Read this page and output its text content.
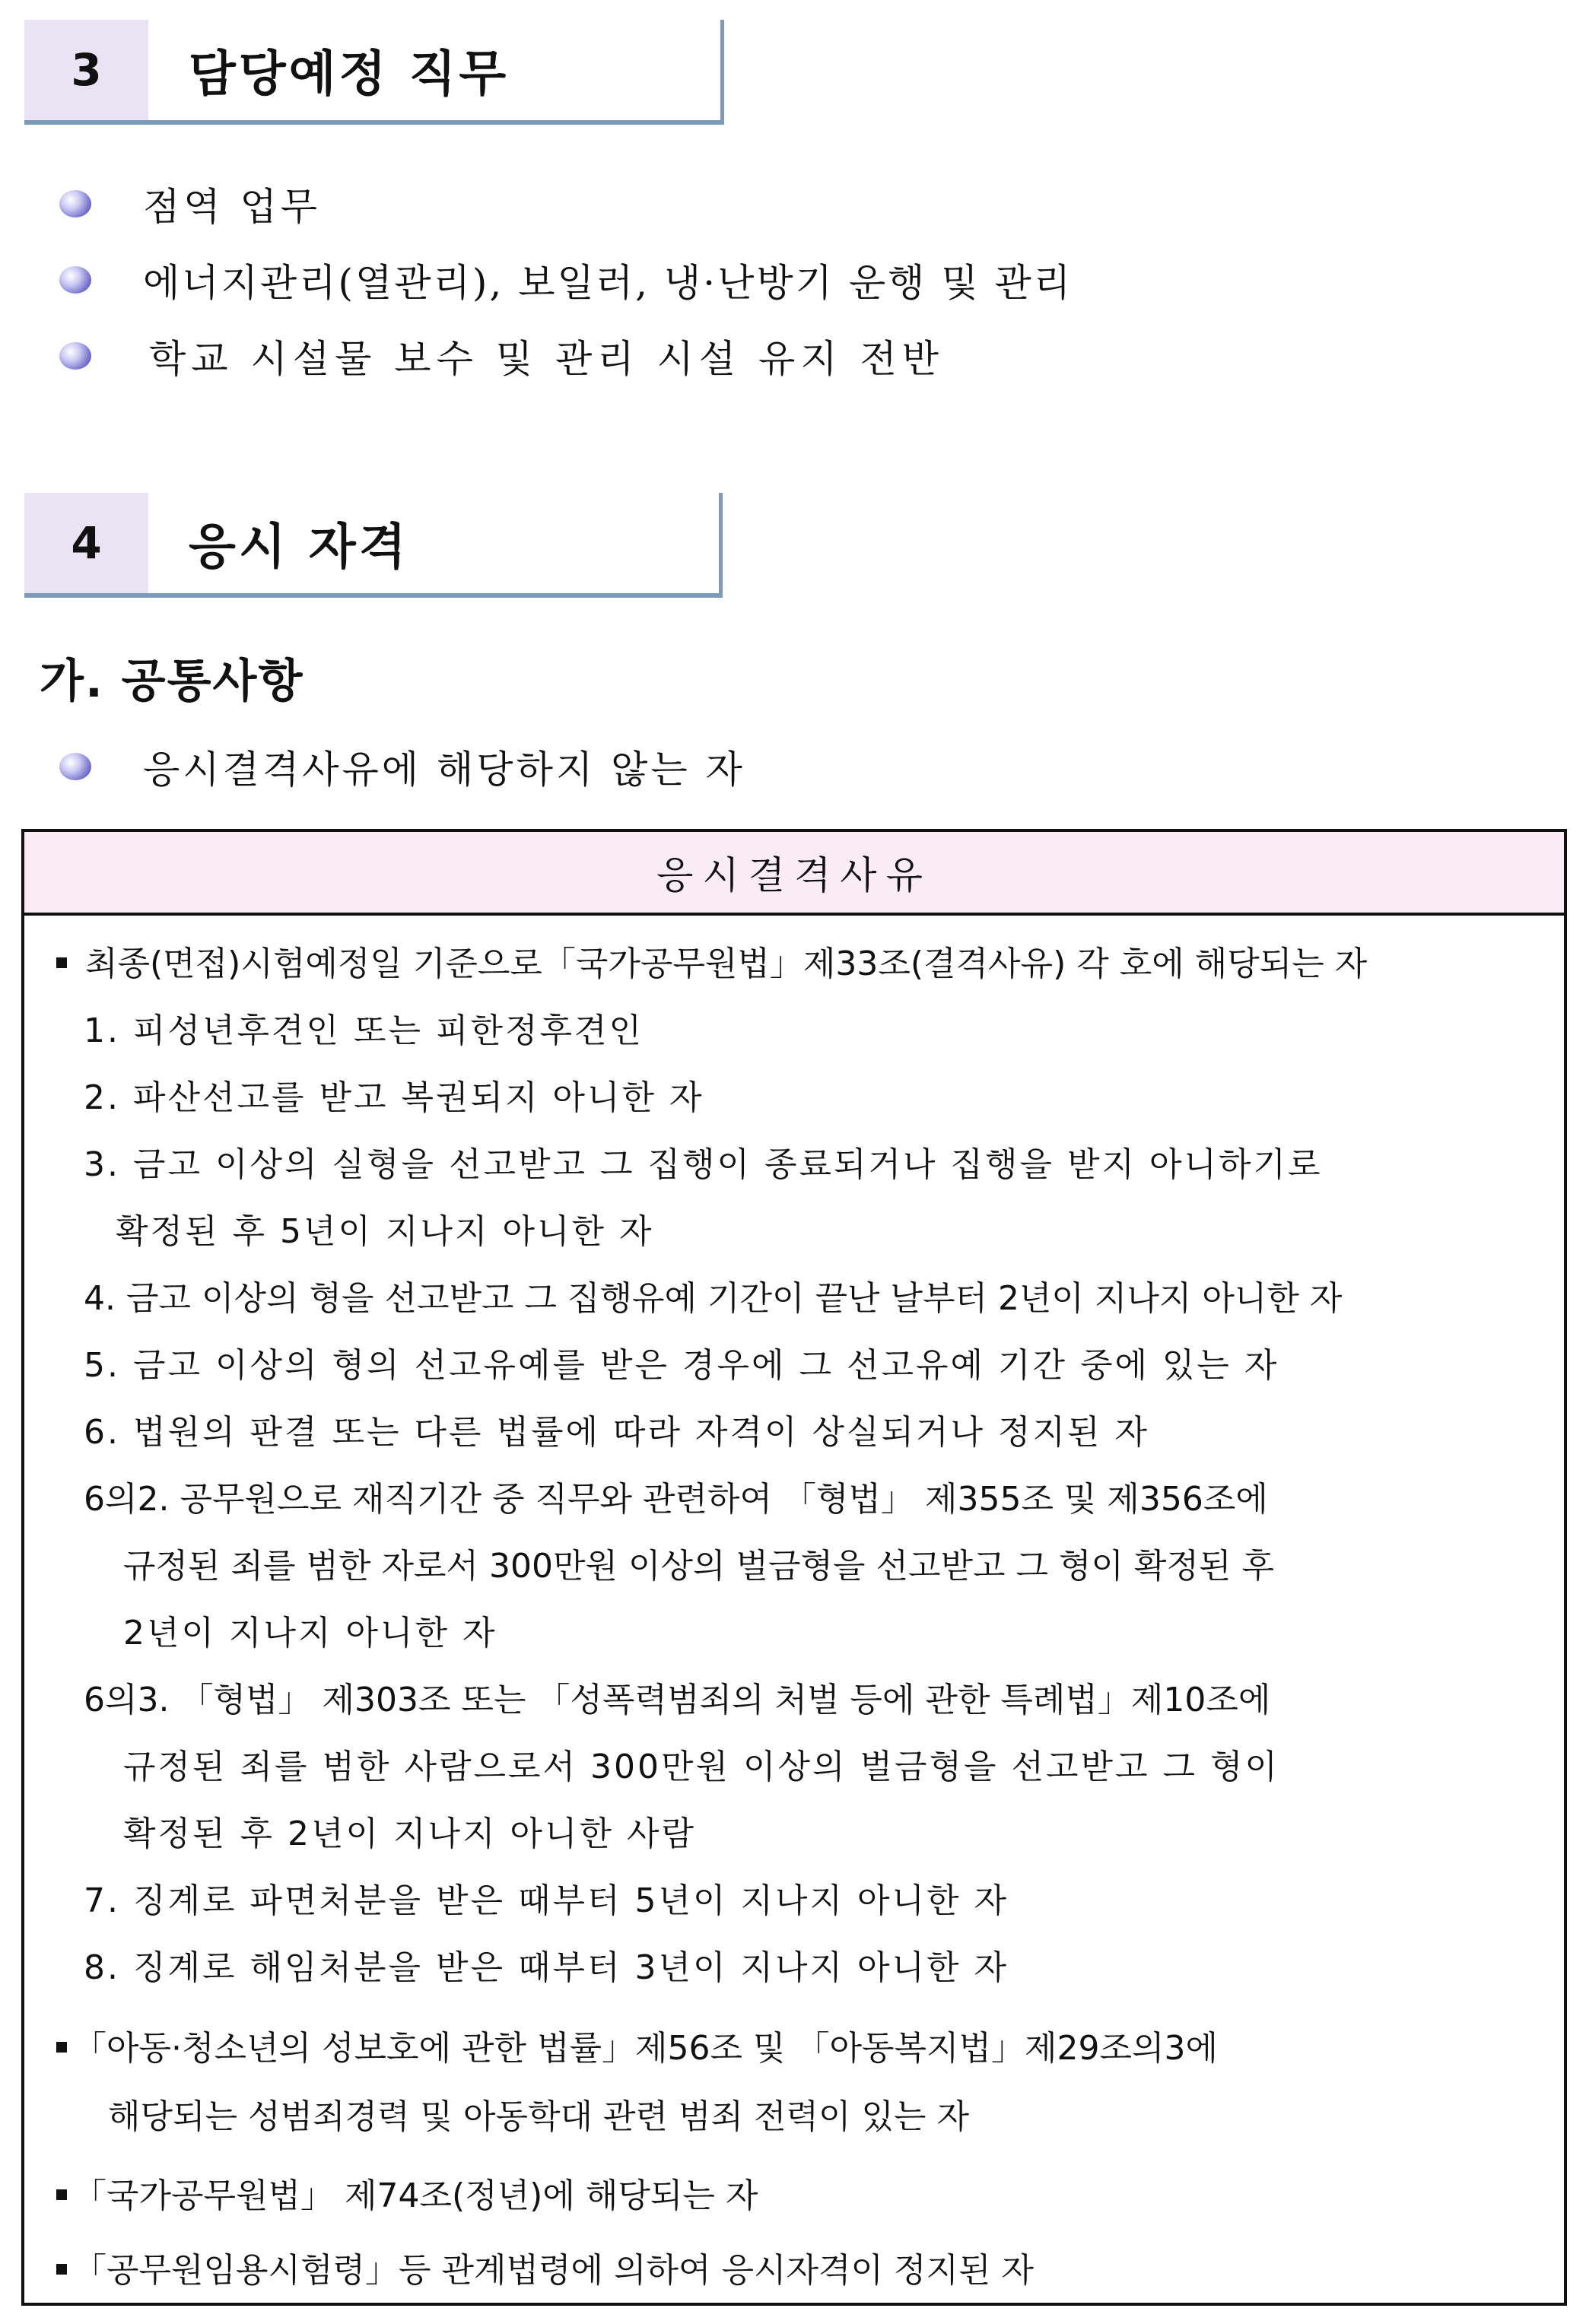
3	담당예정 직무
점역 업무
에너지관리(열관리), 보일러, 냉·난방기 운행 및 관리
학교 시설물 보수 및 관리 시설 유지 전반
4	응시 자격
가. 공통사항
응시결격사유에 해당하지 않는 자
응시결격사유
최종(면접)시험예정일 기준으로「국가공무원법」제33조(결격사유) 각 호에 해당되는 자
1. 피성년후견인 또는 피한정후견인
2. 파산선고를 받고 복권되지 아니한 자
3. 금고 이상의 실형을 선고받고 그 집행이 종료되거나 집행을 받지 아니하기로
확정된 후 5년이 지나지 아니한 자
4. 금고 이상의 형을 선고받고 그 집행유예 기간이 끝난 날부터 2년이 지나지 아니한 자
5. 금고 이상의 형의 선고유예를 받은 경우에 그 선고유예 기간 중에 있는 자
6. 법원의 판결 또는 다른 법률에 따라 자격이 상실되거나 정지된 자
6의2. 공무원으로 재직기간 중 직무와 관련하여 「형법」 제355조 및 제356조에
규정된 죄를 범한 자로서 300만원 이상의 벌금형을 선고받고 그 형이 확정된 후
2년이 지나지 아니한 자
6의3. 「형법」 제303조 또는 「성폭력범죄의 처벌 등에 관한 특례법」제10조에
규정된 죄를 범한 사람으로서 300만원 이상의 벌금형을 선고받고 그 형이
확정된 후 2년이 지나지 아니한 사람
7. 징계로 파면처분을 받은 때부터 5년이 지나지 아니한 자
8. 징계로 해임처분을 받은 때부터 3년이 지나지 아니한 자
「아동·청소년의 성보호에 관한 법률」제56조 및 「아동복지법」제29조의3에
해당되는 성범죄경력 및 아동학대 관련 범죄 전력이 있는 자
「국가공무원법」 제74조(정년)에 해당되는 자
「공무원임용시험령」등 관계법령에 의하여 응시자격이 정지된 자
